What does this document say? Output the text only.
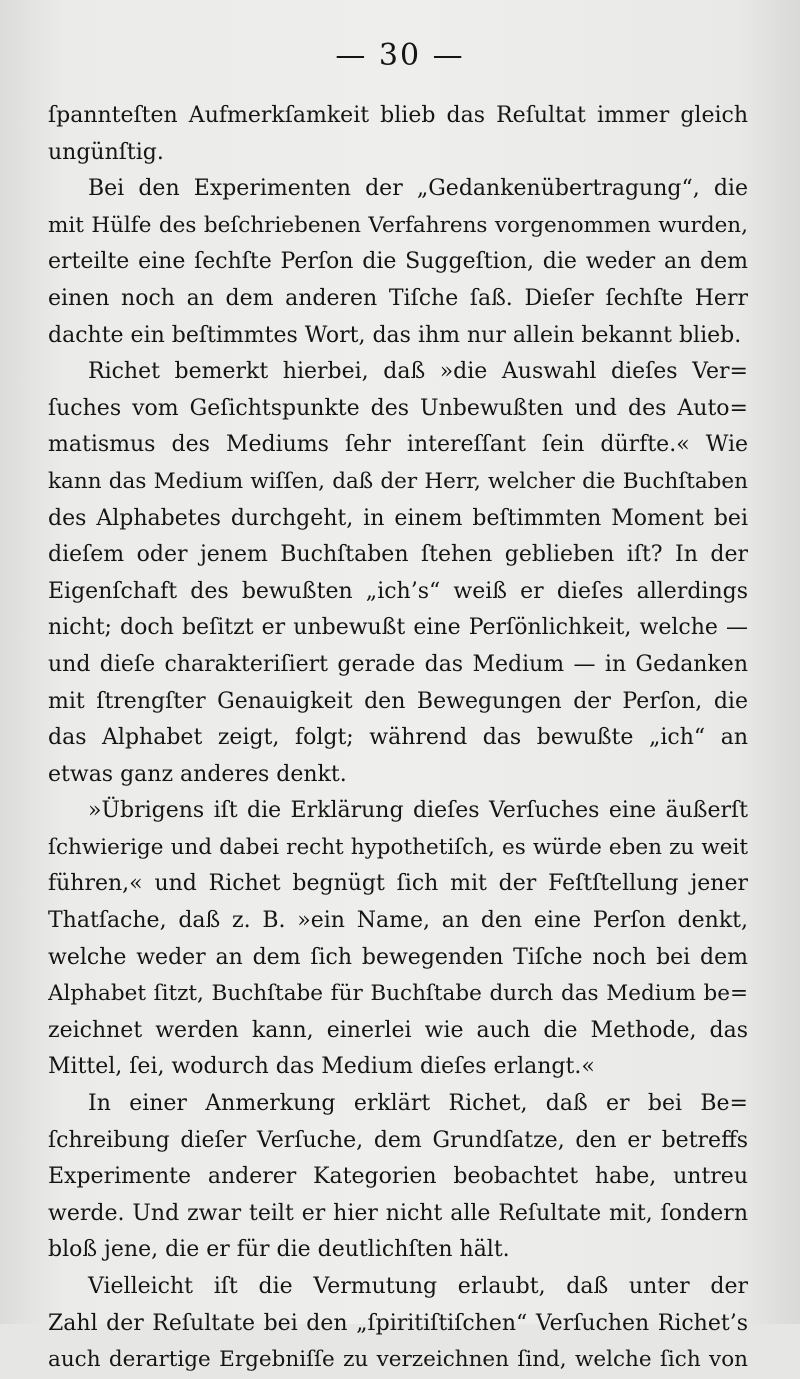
— 30 —
ſpannteſten Aufmerkſamkeit blieb das Reſultat immer gleich
ungünſtig.
Bei den Experimenten der „Gedankenübertragung“, die
mit Hülfe des beſchriebenen Verfahrens vorgenommen wurden,
erteilte eine ſechſte Perſon die Suggeſtion, die weder an dem
einen noch an dem anderen Tiſche ſaß. Dieſer ſechſte Herr
dachte ein beſtimmtes Wort, das ihm nur allein bekannt blieb.
Richet bemerkt hierbei, daß »die Auswahl dieſes Ver=
ſuches vom Geſichtspunkte des Unbewußten und des Auto=
matismus des Mediums ſehr intereſſant ſein dürfte.« Wie
kann das Medium wiſſen, daß der Herr, welcher die Buchſtaben
des Alphabetes durchgeht, in einem beſtimmten Moment bei
dieſem oder jenem Buchſtaben ſtehen geblieben iſt? In der
Eigenſchaft des bewußten „ich’s“ weiß er dieſes allerdings
nicht; doch beſitzt er unbewußt eine Perſönlichkeit, welche —
und dieſe charakteriſiert gerade das Medium — in Gedanken
mit ſtrengſter Genauigkeit den Bewegungen der Perſon, die
das Alphabet zeigt, folgt; während das bewußte „ich“ an
etwas ganz anderes denkt.
»Übrigens iſt die Erklärung dieſes Verſuches eine äußerſt
ſchwierige und dabei recht hypothetiſch, es würde eben zu weit
führen,« und Richet begnügt ſich mit der Feſtſtellung jener
Thatſache, daß z. B. »ein Name, an den eine Perſon denkt,
welche weder an dem ſich bewegenden Tiſche noch bei dem
Alphabet ſitzt, Buchſtabe für Buchſtabe durch das Medium be=
zeichnet werden kann, einerlei wie auch die Methode, das
Mittel, ſei, wodurch das Medium dieſes erlangt.«
In einer Anmerkung erklärt Richet, daß er bei Be=
ſchreibung dieſer Verſuche, dem Grundſatze, den er betreffs
Experimente anderer Kategorien beobachtet habe, untreu
werde. Und zwar teilt er hier nicht alle Reſultate mit, ſondern
bloß jene, die er für die deutlichſten hält.
Vielleicht iſt die Vermutung erlaubt, daß unter der
Zahl der Reſultate bei den „ſpiritiſtiſchen“ Verſuchen Richet’s
auch derartige Ergebniſſe zu verzeichnen ſind, welche ſich von
